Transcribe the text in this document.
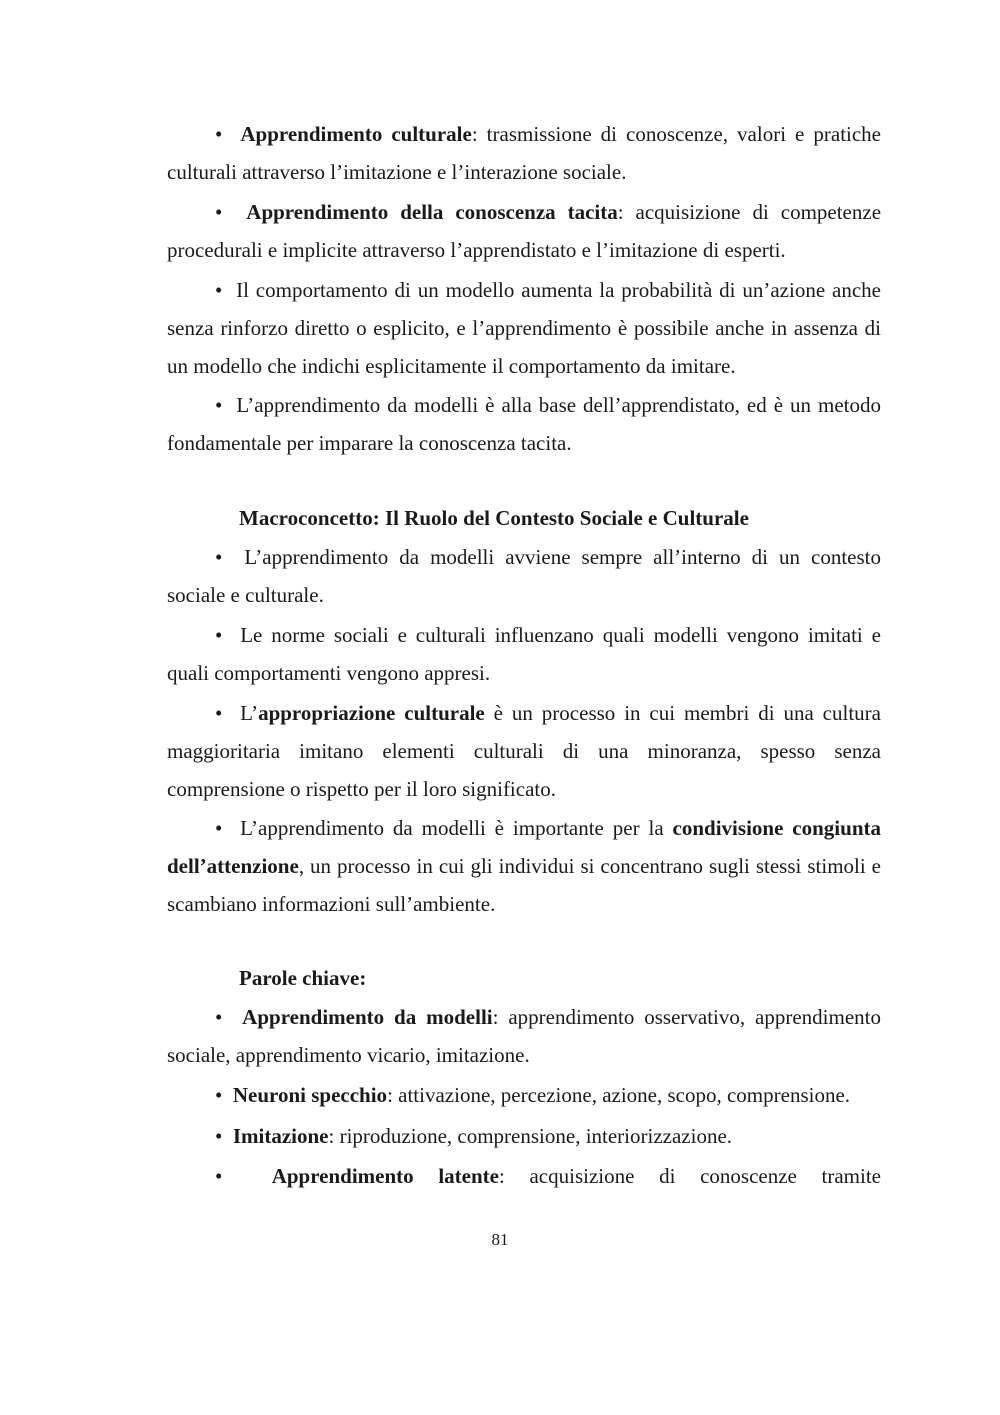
• Apprendimento culturale: trasmissione di conoscenze, valori e pratiche culturali attraverso l’imitazione e l’interazione sociale.
• Apprendimento della conoscenza tacita: acquisizione di competenze procedurali e implicite attraverso l’apprendistato e l’imitazione di esperti.
• Il comportamento di un modello aumenta la probabilità di un’azione anche senza rinforzo diretto o esplicito, e l’apprendimento è possibile anche in assenza di un modello che indichi esplicitamente il comportamento da imitare.
• L’apprendimento da modelli è alla base dell’apprendistato, ed è un metodo fondamentale per imparare la conoscenza tacita.
Macroconcetto: Il Ruolo del Contesto Sociale e Culturale
• L’apprendimento da modelli avviene sempre all’interno di un contesto sociale e culturale.
• Le norme sociali e culturali influenzano quali modelli vengono imitati e quali comportamenti vengono appresi.
• L’appropriazione culturale è un processo in cui membri di una cultura maggioritaria imitano elementi culturali di una minoranza, spesso senza comprensione o rispetto per il loro significato.
• L’apprendimento da modelli è importante per la condivisione congiunta dell’attenzione, un processo in cui gli individui si concentrano sugli stessi stimoli e scambiano informazioni sull’ambiente.
Parole chiave:
• Apprendimento da modelli: apprendimento osservativo, apprendimento sociale, apprendimento vicario, imitazione.
• Neuroni specchio: attivazione, percezione, azione, scopo, comprensione.
• Imitazione: riproduzione, comprensione, interiorizzazione.
• Apprendimento latente: acquisizione di conoscenze tramite
81
